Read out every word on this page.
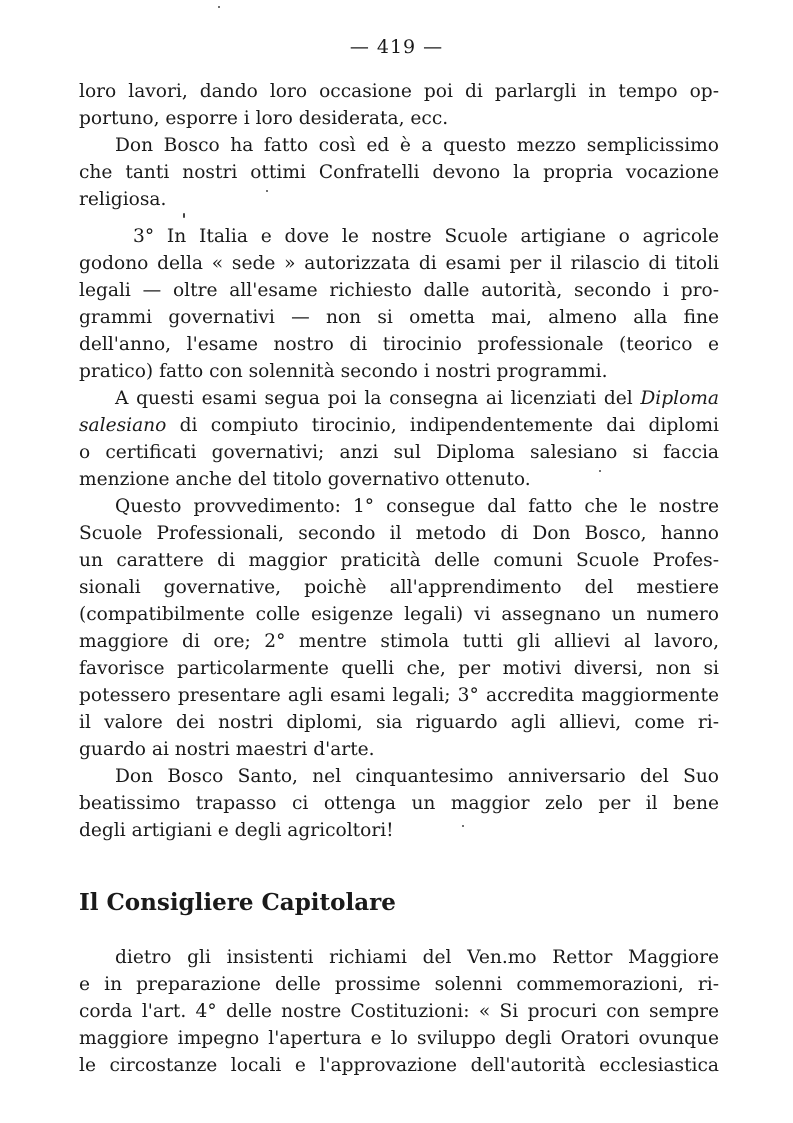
— 419 —
loro lavori, dando loro occasione poi di parlargli in tempo op-
portuno, esporre i loro desiderata, ecc.
Don Bosco ha fatto così ed è a questo mezzo semplicissimo
che tanti nostri ottimi Confratelli devono la propria vocazione
religiosa.
3° In Italia e dove le nostre Scuole artigiane o agricole
godono della « sede » autorizzata di esami per il rilascio di titoli
legali — oltre all'esame richiesto dalle autorità, secondo i pro-
grammi governativi — non si ometta mai, almeno alla fine
dell'anno, l'esame nostro di tirocinio professionale (teorico e
pratico) fatto con solennità secondo i nostri programmi.
A questi esami segua poi la consegna ai licenziati del Diploma
salesiano di compiuto tirocinio, indipendentemente dai diplomi
o certificati governativi; anzi sul Diploma salesiano si faccia
menzione anche del titolo governativo ottenuto.
Questo provvedimento: 1° consegue dal fatto che le nostre
Scuole Professionali, secondo il metodo di Don Bosco, hanno
un carattere di maggior praticità delle comuni Scuole Profes-
sionali governative, poichè all'apprendimento del mestiere
(compatibilmente colle esigenze legali) vi assegnano un numero
maggiore di ore; 2° mentre stimola tutti gli allievi al lavoro,
favorisce particolarmente quelli che, per motivi diversi, non si
potessero presentare agli esami legali; 3° accredita maggiormente
il valore dei nostri diplomi, sia riguardo agli allievi, come ri-
guardo ai nostri maestri d'arte.
Don Bosco Santo, nel cinquantesimo anniversario del Suo
beatissimo trapasso ci ottenga un maggior zelo per il bene
degli artigiani e degli agricoltori!
Il Consigliere Capitolare
dietro gli insistenti richiami del Ven.mo Rettor Maggiore
e in preparazione delle prossime solenni commemorazioni, ri-
corda l'art. 4° delle nostre Costituzioni: « Si procuri con sempre
maggiore impegno l'apertura e lo sviluppo degli Oratori ovunque
le circostanze locali e l'approvazione dell'autorità ecclesiastica
